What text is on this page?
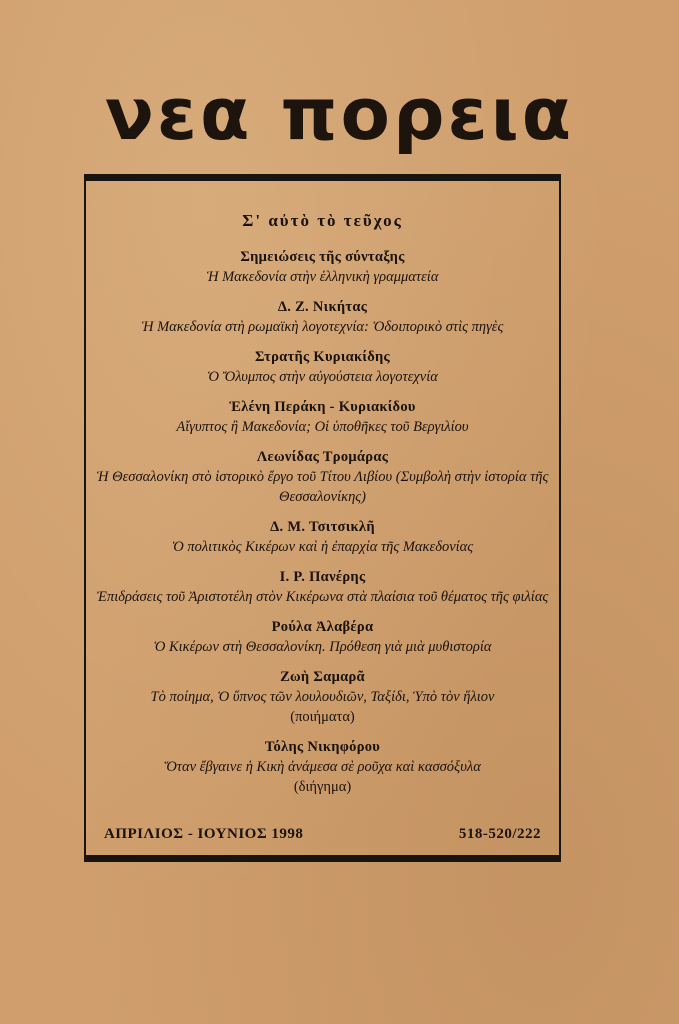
νεα πορεια
Σ' αὐτὸ τὸ τεῦχος
Σημειώσεις τῆς σύνταξης
Ἡ Μακεδονία στὴν ἑλληνικὴ γραμματεία
Δ. Ζ. Νικήτας
Ἡ Μακεδονία στὴ ρωμαϊκὴ λογοτεχνία: Ὁδοιπορικὸ στὶς πηγὲς
Στρατῆς Κυριακίδης
Ὁ Ὄλυμπος στὴν αὐγούστεια λογοτεχνία
Ἑλένη Περάκη - Κυριακίδου
Αἴγυπτος ἢ Μακεδονία; Οἱ ὑποθῆκες τοῦ Βεργιλίου
Λεωνίδας Τρομάρας
Ἡ Θεσσαλονίκη στὸ ἱστορικὸ ἔργο τοῦ Τίτου Λιβίου (Συμβολὴ στὴν ἱστορία τῆς Θεσσαλονίκης)
Δ. Μ. Τσιτσικλῆ
Ὁ πολιτικὸς Κικέρων καὶ ἡ ἐπαρχία τῆς Μακεδονίας
Ι. Ρ. Πανέρης
Ἐπιδράσεις τοῦ Ἀριστοτέλη στὸν Κικέρωνα στὰ πλαίσια τοῦ θέματος τῆς φιλίας
Ρούλα Ἀλαβέρα
Ὁ Κικέρων στὴ Θεσσαλονίκη. Πρόθεση γιὰ μιὰ μυθιστορία
Ζωὴ Σαμαρᾶ
Τὸ ποίημα, Ὁ ὕπνος τῶν λουλουδιῶν, Ταξίδι, Ὑπὸ τὸν ἥλιον
(ποιήματα)
Τόλης Νικηφόρου
Ὅταν ἔβγαινε ἡ Κικὴ ἀνάμεσα σὲ ροῦχα καὶ κασσόξυλα
(διήγημα)
ΑΠΡΙΛΙΟΣ - ΙΟΥΝΙΟΣ 1998	518-520/222
